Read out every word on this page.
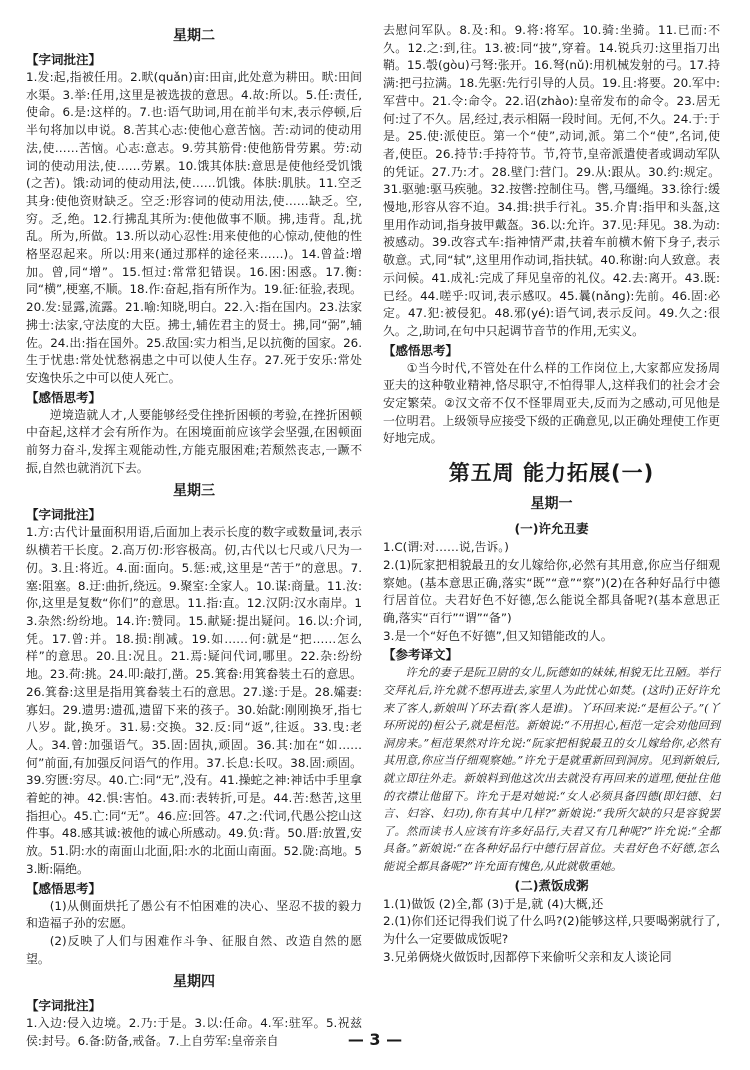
星期二
【字词批注】
1.发:起,指被任用。2.畎(quǎn)亩:田亩,此处意为耕田。畎:田间水渠。3.举:任用,这里是被选拔的意思。4.故:所以。5.任:责任,使命。6.是:这样的。7.也:语气助词,用在前半句末,表示停顿,后半句将加以申说。8.苦其心志:使他心意苦恼。苦:动词的使动用法,使……苦恼。心志:意志。9.劳其筋骨:使他筋骨劳累。劳:动词的使动用法,使……劳累。10.饿其体肤:意思是使他经受饥饿(之苦)。饿:动词的使动用法,使……饥饿。体肤:肌肤。11.空乏其身:使他资财缺乏。空乏:形容词的使动用法,使……缺乏。空,穷。乏,绝。12.行拂乱其所为:使他做事不顺。拂,违背。乱,扰乱。所为,所做。13.所以动心忍性:用来使他的心惊动,使他的性格坚忍起来。所以:用来(通过那样的途径来……)。14.曾益:增加。曾,同“增”。15.恒过:常常犯错误。16.困:困惑。17.衡:同“横”,梗塞,不顺。18.作:奋起,指有所作为。19.征:征验,表现。20.发:显露,流露。21.喻:知晓,明白。22.入:指在国内。23.法家拂士:法家,守法度的大臣。拂士,辅佐君主的贤士。拂,同“弼”,辅佐。24.出:指在国外。25.敌国:实力相当,足以抗衡的国家。26.生于忧患:常处忧愁祸患之中可以使人生存。27.死于安乐:常处安逸快乐之中可以使人死亡。
【感悟思考】
逆境造就人才,人要能够经受住挫折困顿的考验,在挫折困顿中奋起,这样才会有所作为。在困境面前应该学会坚强,在困顿面前努力奋斗,发挥主观能动性,方能克服困难;若颓然丧志,一蹶不振,自然也就消沉下去。
星期三
【字词批注】
1.方:古代计量面积用语,后面加上表示长度的数字或数量词,表示纵横若干长度。2.高万仞:形容极高。仞,古代以七尺或八尺为一仞。3.且:将近。4.面:面向。5.惩:戒,这里是“苦于”的意思。7.塞:阻塞。8.迂:曲折,绕远。9.聚室:全家人。10.谋:商量。11.汝:你,这里是复数“你们”的意思。11.指:直。12.汉阴:汉水南岸。13.杂然:纷纷地。14.许:赞同。15.献疑:提出疑问。16.以:介词,凭。17.曾:并。18.损:削减。19.如……何:就是“把……怎么样”的意思。20.且:况且。21.焉:疑问代词,哪里。22.杂:纷纷地。23.荷:挑。24.叩:敲打,凿。25.箕畚:用箕畚装土石的意思。26.箕畚:这里是指用箕畚装土石的意思。27.遂:于是。28.孀妻:寡妇。29.遗男:遗孤,遗留下来的孩子。30.始龀:刚刚换牙,指七八岁。龀,换牙。31.易:交换。32.反:同“返”,往返。33.曳:老人。34.曾:加强语气。35.固:固执,顽固。36.其:加在“如……何”前面,有加强反问语气的作用。37.长息:长叹。38.固:顽固。39.穷匮:穷尽。40.亡:同“无”,没有。41.操蛇之神:神话中手里拿着蛇的神。42.惧:害怕。43.而:表转折,可是。44.苦:愁苦,这里指担心。45.亡:同“无”。46.应:回答。47.之:代词,代愚公挖山这件事。48.感其诚:被他的诚心所感动。49.负:背。50.厝:放置,安放。51.阴:水的南面山北面,阳:水的北面山南面。52.陇:高地。53.断:隔绝。
【感悟思考】
(1)从侧面烘托了愚公有不怕困难的决心、坚忍不拔的毅力和造福子孙的宏愿。
(2)反映了人们与困难作斗争、征服自然、改造自然的愿望。
星期四
【字词批注】
1.入边:侵入边境。2.乃:于是。3.以:任命。4.军:驻军。5.祝兹侯:封号。6.备:防备,戒备。7.上自劳军:皇帝亲自
去慰问军队。8.及:和。9.将:将军。10.骑:坐骑。11.已而:不久。12.之:到,往。13.被:同“披”,穿着。14.锐兵刃:这里指刀出鞘。15.彀(gòu)弓弩:张开。16.弩(nǔ):用机械发射的弓。17.持满:把弓拉满。18.先驱:先行引导的人员。19.且:将要。20.军中:军营中。21.令:命令。22.诏(zhào):皇帝发布的命令。23.居无何:过了不久。居,经过,表示相隔一段时间。无何,不久。24.于:于是。25.使:派使臣。第一个“使”,动词,派。第二个“使”,名词,使者,使臣。26.持节:手持符节。节,符节,皇帝派遣使者或调动军队的凭证。27.乃:才。28.壁门:营门。29.从:跟从。30.约:规定。31.驱驰:驱马疾驰。32.按辔:控制住马。辔,马缰绳。33.徐行:缓慢地,形容从容不迫。34.揖:拱手行礼。35.介胄:指甲和头盔,这里用作动词,指身披甲戴盔。36.以:允许。37.见:拜见。38.为动:被感动。39.改容式车:指神情严肃,扶着车前横木俯下身子,表示敬意。式,同“轼”,这里用作动词,指扶轼。40.称谢:向人致意。表示问候。41.成礼:完成了拜见皇帝的礼仪。42.去:离开。43.既:已经。44.嗟乎:叹词,表示感叹。45.曩(nǎng):先前。46.固:必定。47.犯:被侵犯。48.邪(yé):语气词,表示反问。49.久之:很久。之,助词,在句中只起调节音节的作用,无实义。
【感悟思考】
①当今时代,不管处在什么样的工作岗位上,大家都应发扬周亚夫的这种敬业精神,恪尽职守,不怕得罪人,这样我们的社会才会安定繁荣。②汉文帝不仅不怪罪周亚夫,反而为之感动,可见他是一位明君。上级领导应接受下级的正确意见,以正确处理使工作更好地完成。
第五周 能力拓展(一)
星期一
(一)许允丑妻
1.C(谓:对……说,告诉。)
2.(1)阮家把相貌最丑的女儿嫁给你,必然有其用意,你应当仔细观察她。(基本意思正确,落实“既”“意”“察”)(2)在各种好品行中德行居首位。夫君好色不好德,怎么能说全都具备呢?(基本意思正确,落实“百行”“谓”“备”)
3.是一个“好色不好德”,但又知错能改的人。
【参考译文】
许允的妻子是阮卫尉的女儿,阮德如的妹妹,相貌无比丑陋。举行交拜礼后,许允就不想再进去,家里人为此忧心如焚。(这时)正好许允来了客人,新娘叫丫环去看(客人是谁)。丫环回来说:“是桓公子。”(丫环所说的)桓公子,就是桓范。新娘说:“不用担心,桓范一定会劝他回到洞房来。”桓范果然对许允说:“阮家把相貌最丑的女儿嫁给你,必然有其用意,你应当仔细观察她。”许允于是就重新回到洞房。见到新娘后,就立即往外走。新娘料到他这次出去就没有再回来的道理,便扯住他的衣襟让他留下。许允于是对她说:“女人必须具备四德(即妇德、妇言、妇容、妇功),你有其中几样?”新娘说:“我所欠缺的只是容貌罢了。然而读书人应该有许多好品行,夫君又有几种呢?”许允说:“全都具备。”新娘说:“在各种好品行中德行居首位。夫君好色不好德,怎么能说全都具备呢?”许允面有愧色,从此就敬重她。
(二)煮饭成粥
1.(1)做饭 (2)全,都 (3)于是,就 (4)大概,还
2.(1)你们还记得我们说了什么吗?(2)能够这样,只要喝粥就行了,为什么一定要做成饭呢?
3.兄弟俩烧火做饭时,因都停下来偷听父亲和友人谈论同
— 3 —
